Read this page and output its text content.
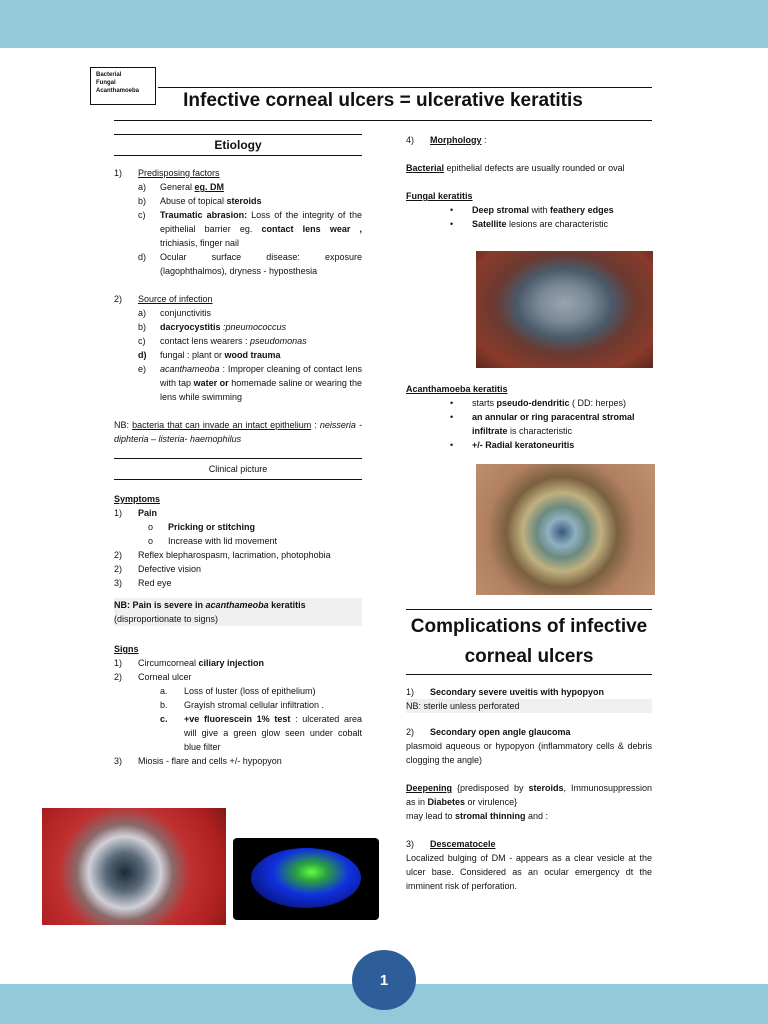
Bacterial
Fungal
Acanthamoeba	Infective corneal ulcers = ulcerative keratitis
Etiology
1)	Predisposing factors
a)	General eg. DM
b)	Abuse of topical steroids
c)	Traumatic abrasion: Loss of the integrity of the epithelial barrier eg. contact lens wear , trichiasis, finger nail
d)	Ocular surface disease: exposure (lagophthalmos), dryness - hyposthesia
2)	Source of infection
a)	conjunctivitis
b)	dacryocystitis :pneumococcus
c)	contact lens wearers : pseudomonas
d)	fungal : plant or wood trauma
e)	acanthameoba : Improper cleaning of contact lens with tap water or homemade saline or wearing the lens while swimming
NB: bacteria that can invade an intact epithelium : neisseria - diphteria – listeria- haemophilus
Clinical picture
Symptoms
1)	Pain
o	Pricking or stitching
o	Increase with lid movement
2)	Reflex blepharospasm, lacrimation, photophobia
2)	Defective vision
3)	Red eye
NB: Pain is severe in acanthameoba keratitis
(disproportionate to signs)
Signs
1)	Circumcorneal ciliary injection
2)	Corneal ulcer
a.	Loss of luster (loss of epithelium)
b.	Grayish stromal cellular infiltration .
c.	+ve fluorescein 1% test : ulcerated area will give a green glow seen under cobalt blue filter
3)	Miosis - flare and cells +/- hypopyon
4)	Morphology :
Bacterial epithelial defects are usually rounded or oval
Fungal keratitis
•	Deep stromal with feathery edges
•	Satellite lesions are characteristic
Acanthamoeba keratitis
•	starts pseudo-dendritic ( DD: herpes)
•	an annular or ring paracentral stromal infiltrate is characteristic
•	+/- Radial keratoneuritis
Complications of infective corneal ulcers
1)	Secondary severe uveitis with hypopyon
NB: sterile unless perforated
2)	Secondary open angle glaucoma
plasmoid aqueous or hypopyon (inflammatory cells & debris clogging the angle)
Deepening {predisposed by steroids, Immunosuppression as in Diabetes or virulence}
may lead to stromal thinning and :
3)	Descematocele
Localized bulging of DM - appears as a clear vesicle at the ulcer base. Considered as an ocular emergency dt the imminent risk of perforation.
1
